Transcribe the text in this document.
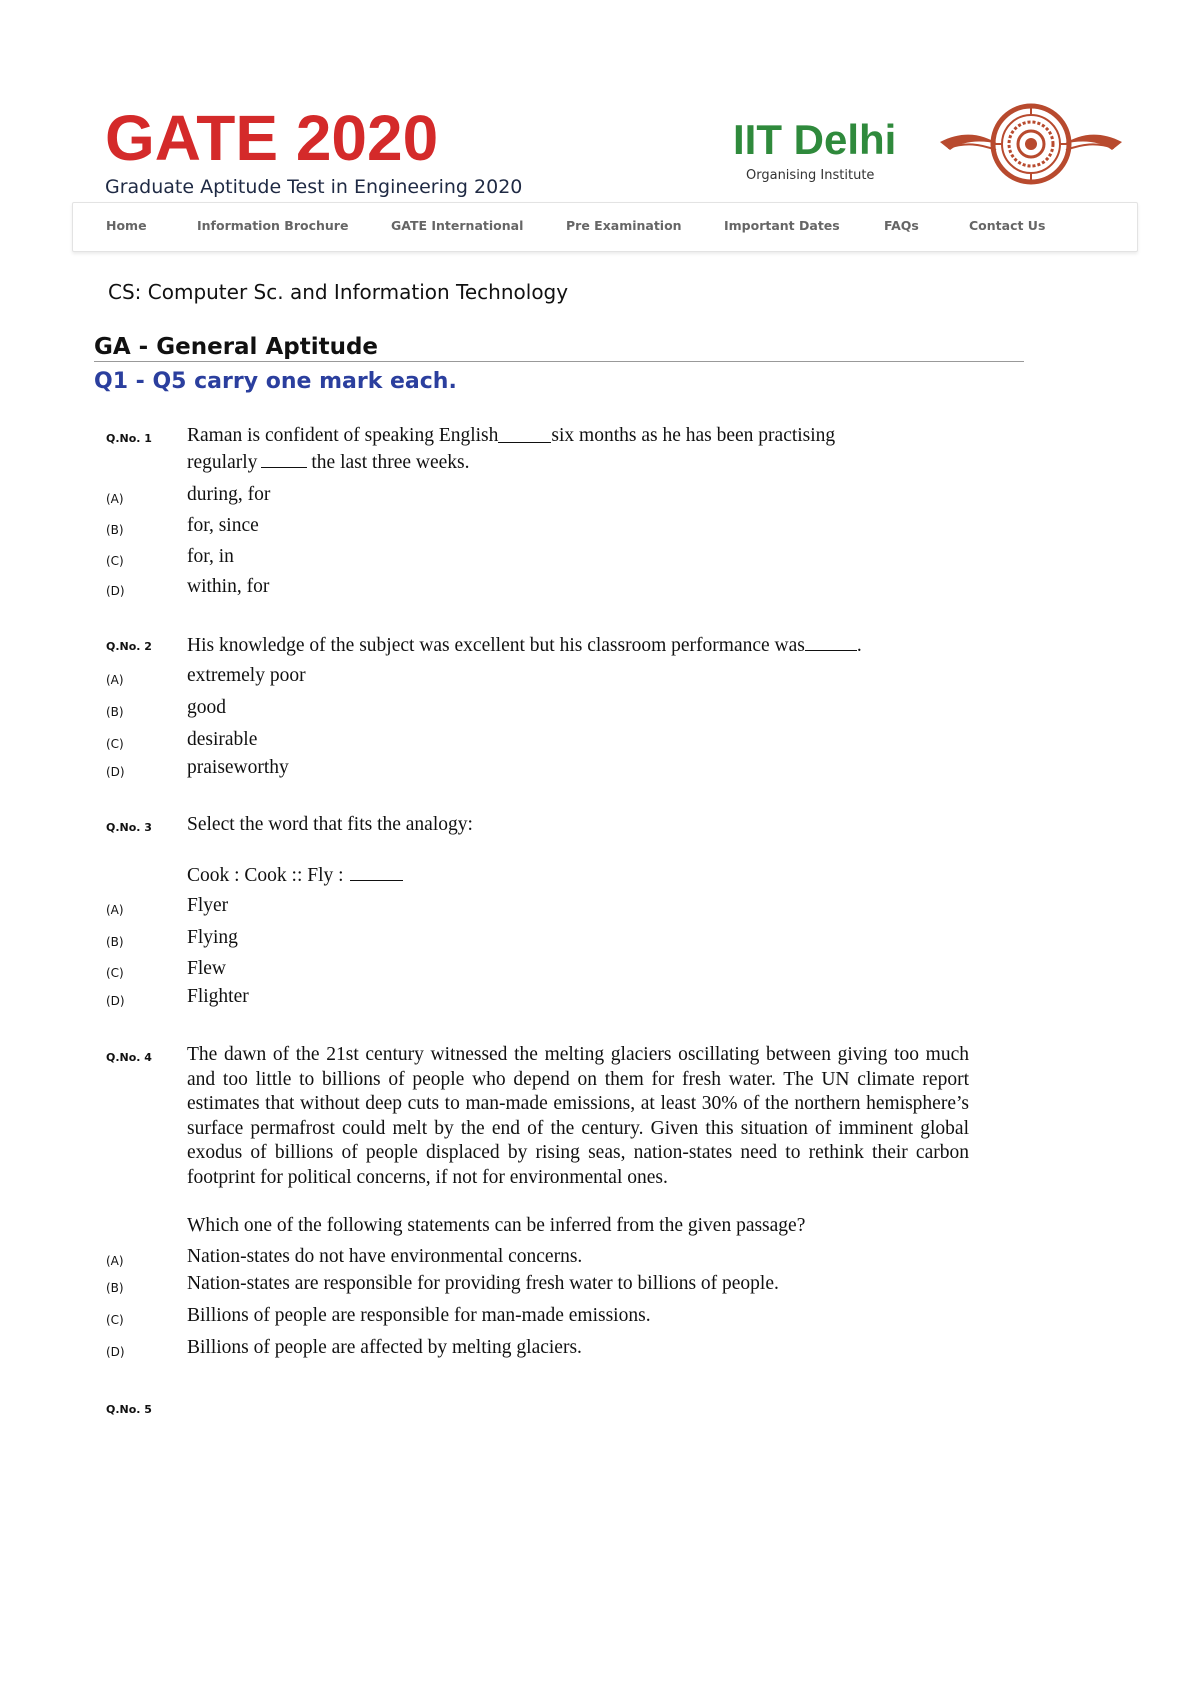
GATE 2020
Graduate Aptitude Test in Engineering 2020
IIT Delhi
Organising Institute
Home	Information Brochure	GATE International	Pre Examination	Important Dates	FAQs	Contact Us
CS: Computer Sc. and Information Technology
GA - General Aptitude
Q1 - Q5 carry one mark each.
Q.No. 1 Raman is confident of speaking English	six months as he has been practising
regularly	the last three weeks.
(A)	during, for
(B)	for, since
(C)	for, in
(D)	within, for
Q.No. 2 His knowledge of the subject was excellent but his classroom performance was	.
(A)	extremely poor
(B)	good
(C)	desirable
(D)	praiseworthy
Q.No. 3 Select the word that fits the analogy:
Cook : Cook :: Fly :
(A)	Flyer
(B)	Flying
(C)	Flew
(D)	Flighter
Q.No. 4 The dawn of the 21st century witnessed the melting glaciers oscillating between giving too much and too little to billions of people who depend on them for fresh water. The UN climate report estimates that without deep cuts to man-made emissions, at least 30% of the northern hemisphere’s surface permafrost could melt by the end of the century. Given this situation of imminent global exodus of billions of people displaced by rising seas, nation-states need to rethink their carbon footprint for political concerns, if not for environmental ones.
Which one of the following statements can be inferred from the given passage?
(A)	Nation-states do not have environmental concerns.
(B)	Nation-states are responsible for providing fresh water to billions of people.
(C)	Billions of people are responsible for man-made emissions.
(D)	Billions of people are affected by melting glaciers.
Q.No. 5
